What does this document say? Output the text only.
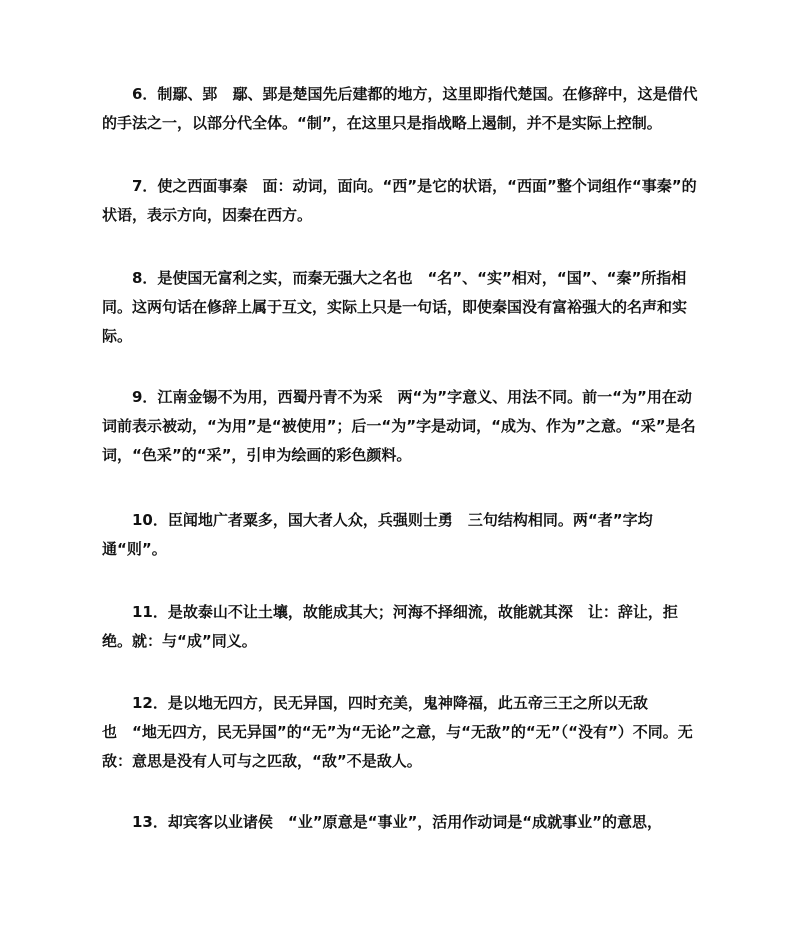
6．制鄢、郢　鄢、郢是楚国先后建都的地方，这里即指代楚国。在修辞中，这是借代的手法之一，以部分代全体。“制”，在这里只是指战略上遏制，并不是实际上控制。

7．使之西面事秦　面：动词，面向。“西”是它的状语，“西面”整个词组作“事秦”的状语，表示方向，因秦在西方。

8．是使国无富利之实，而秦无强大之名也　“名”、“实”相对，“国”、“秦”所指相同。这两句话在修辞上属于互文，实际上只是一句话，即使秦国没有富裕强大的名声和实际。

9．江南金锡不为用，西蜀丹青不为采　两“为”字意义、用法不同。前一“为”用在动词前表示被动，“为用”是“被使用”；后一“为”字是动词，“成为、作为”之意。“采”是名词，“色采”的“采”，引申为绘画的彩色颜料。

10．臣闻地广者粟多，国大者人众，兵强则士勇　三句结构相同。两“者”字均通“则”。

11．是故泰山不让土壤，故能成其大；河海不择细流，故能就其深　让：辞让，拒绝。就：与“成”同义。

12．是以地无四方，民无异国，四时充美，鬼神降福，此五帝三王之所以无敌也　“地无四方，民无异国”的“无”为“无论”之意，与“无敌”的“无”（“没有”）不同。无敌：意思是没有人可与之匹敌，“敌”不是敌人。

13．却宾客以业诸侯　“业”原意是“事业”，活用作动词是“成就事业”的意思，
